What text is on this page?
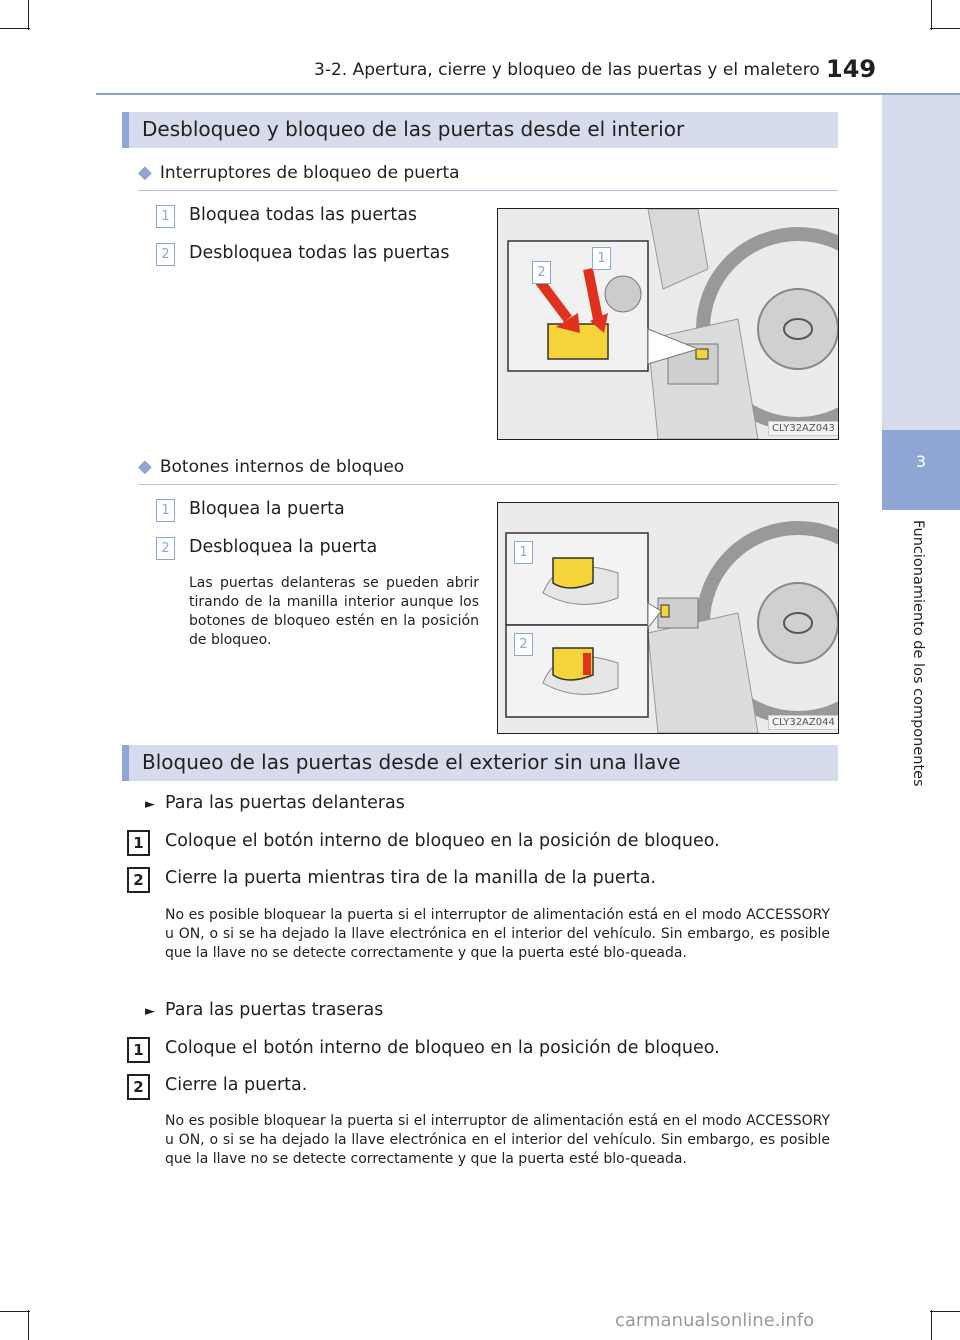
3-2. Apertura, cierre y bloqueo de las puertas y el maletero 149
3
Funcionamiento de los componentes
Desbloqueo y bloqueo de las puertas desde el interior
◆ Interruptores de bloqueo de puerta
1	Bloquea todas las puertas
2	Desbloquea todas las puertas
2
1
CLY32AZ043
◆ Botones internos de bloqueo
1	Bloquea la puerta
2	Desbloquea la puerta
Las puertas delanteras se pueden abrir tirando de la manilla interior aunque los botones de bloqueo estén en la posición de bloqueo.
1
2
CLY32AZ044
Bloqueo de las puertas desde el exterior sin una llave
► Para las puertas delanteras
1	Coloque el botón interno de bloqueo en la posición de bloqueo.
2	Cierre la puerta mientras tira de la manilla de la puerta.
No es posible bloquear la puerta si el interruptor de alimentación está en el modo ACCESSORY u ON, o si se ha dejado la llave electrónica en el interior del vehículo. Sin embargo, es posible que la llave no se detecte correctamente y que la puerta esté blo-queada.
► Para las puertas traseras
1	Coloque el botón interno de bloqueo en la posición de bloqueo.
2	Cierre la puerta.
No es posible bloquear la puerta si el interruptor de alimentación está en el modo ACCESSORY u ON, o si se ha dejado la llave electrónica en el interior del vehículo. Sin embargo, es posible que la llave no se detecte correctamente y que la puerta esté blo-queada.
carmanualsonline.info
